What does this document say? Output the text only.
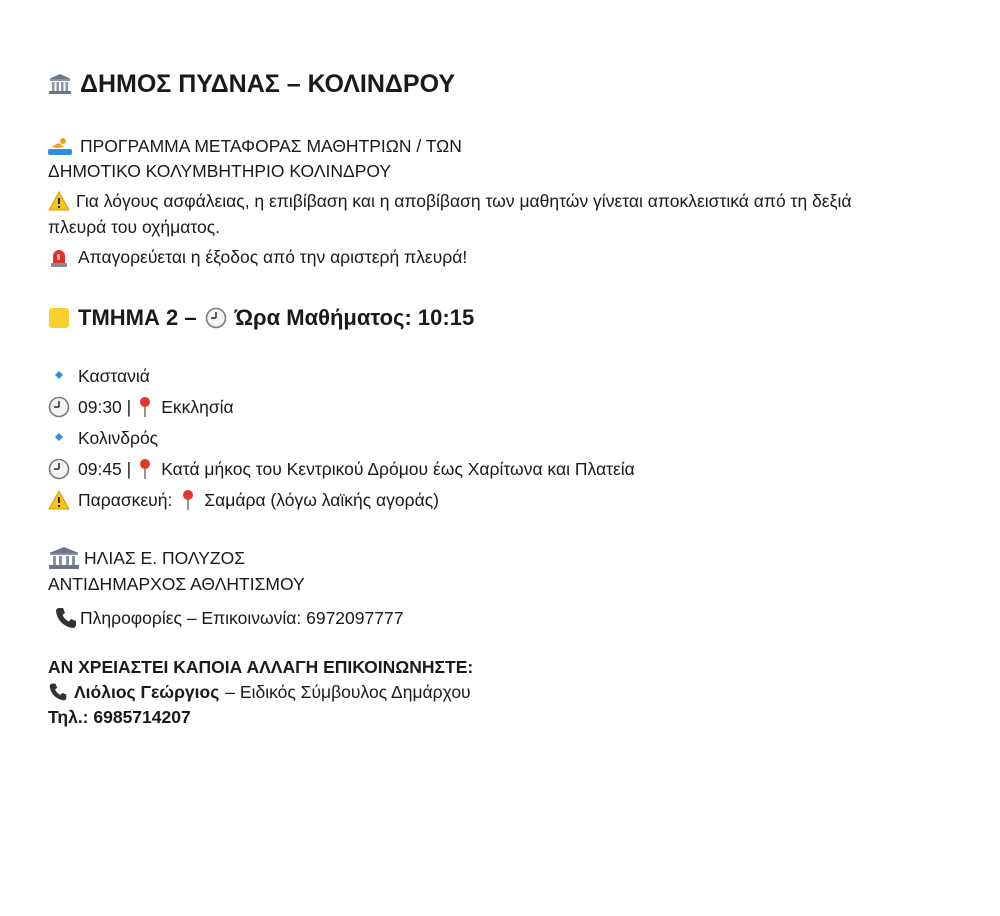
ΔΗΜΟΣ ΠΥΔΝΑΣ – ΚΟΛΙΝΔΡΟΥ
ΠΡΟΓΡΑΜΜΑ ΜΕΤΑΦΟΡΑΣ ΜΑΘΗΤΡΙΩΝ / ΤΩΝ
ΔΗΜΟΤΙΚΟ ΚΟΛΥΜΒΗΤΗΡΙΟ ΚΟΛΙΝΔΡΟΥ
Για λόγους ασφάλειας, η επιβίβαση και η αποβίβαση των μαθητών γίνεται αποκλειστικά από τη δεξιά πλευρά του οχήματος.
Απαγορεύεται η έξοδος από την αριστερή πλευρά!
ΤΜΗΜΑ 2 – Ώρα Μαθήματος: 10:15
Καστανιά
09:30 | Εκκλησία
Κολινδρός
09:45 | Κατά μήκος του Κεντρικού Δρόμου έως Χαρίτωνα και Πλατεία
Παρασκευή: Σαμάρα (λόγω λαϊκής αγοράς)
ΗΛΙΑΣ Ε. ΠΟΛΥΖΟΣ
ΑΝΤΙΔΗΜΑΡΧΟΣ ΑΘΛΗΤΙΣΜΟΥ
Πληροφορίες – Επικοινωνία: 6972097777
ΑΝ ΧΡΕΙΑΣΤΕΙ ΚΑΠΟΙΑ ΑΛΛΑΓΗ ΕΠΙΚΟΙΝΩΝΗΣΤΕ:
Λιόλιος Γεώργιος – Ειδικός Σύμβουλος Δημάρχου
Τηλ.: 6985714207
